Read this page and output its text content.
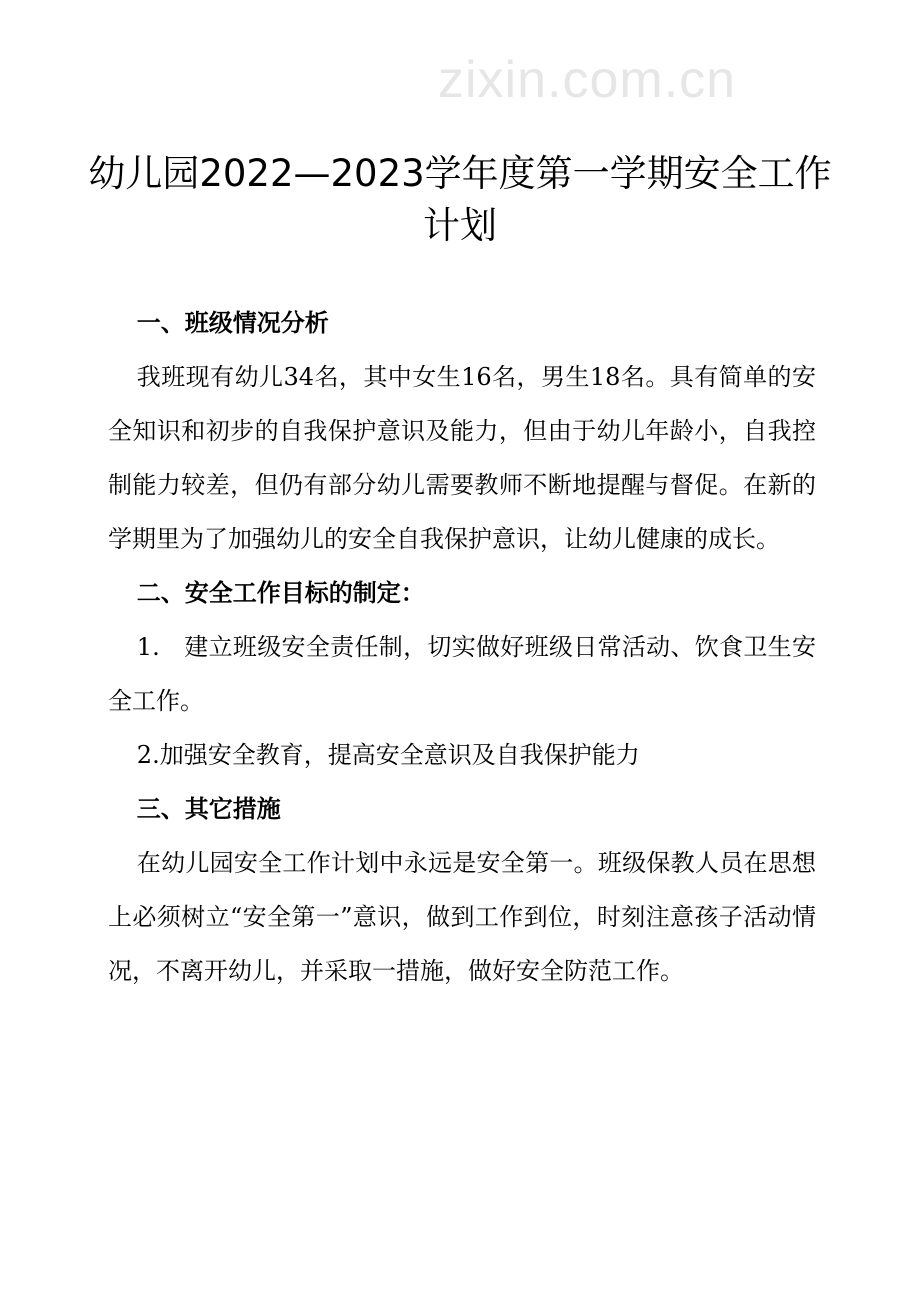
zixin.com.cn
幼儿园2022—2023学年度第一学期安全工作计划

一、班级情况分析

我班现有幼儿34名，其中女生16名，男生18名。具有简单的安全知识和初步的自我保护意识及能力，但由于幼儿年龄小，自我控制能力较差，但仍有部分幼儿需要教师不断地提醒与督促。在新的学期里为了加强幼儿的安全自我保护意识，让幼儿健康的成长。

二、安全工作目标的制定：

1.　建立班级安全责任制，切实做好班级日常活动、饮食卫生安全工作。

2.加强安全教育，提高安全意识及自我保护能力

三、其它措施

在幼儿园安全工作计划中永远是安全第一。班级保教人员在思想上必须树立“安全第一”意识，做到工作到位，时刻注意孩子活动情况，不离开幼儿，并采取一措施，做好安全防范工作。
